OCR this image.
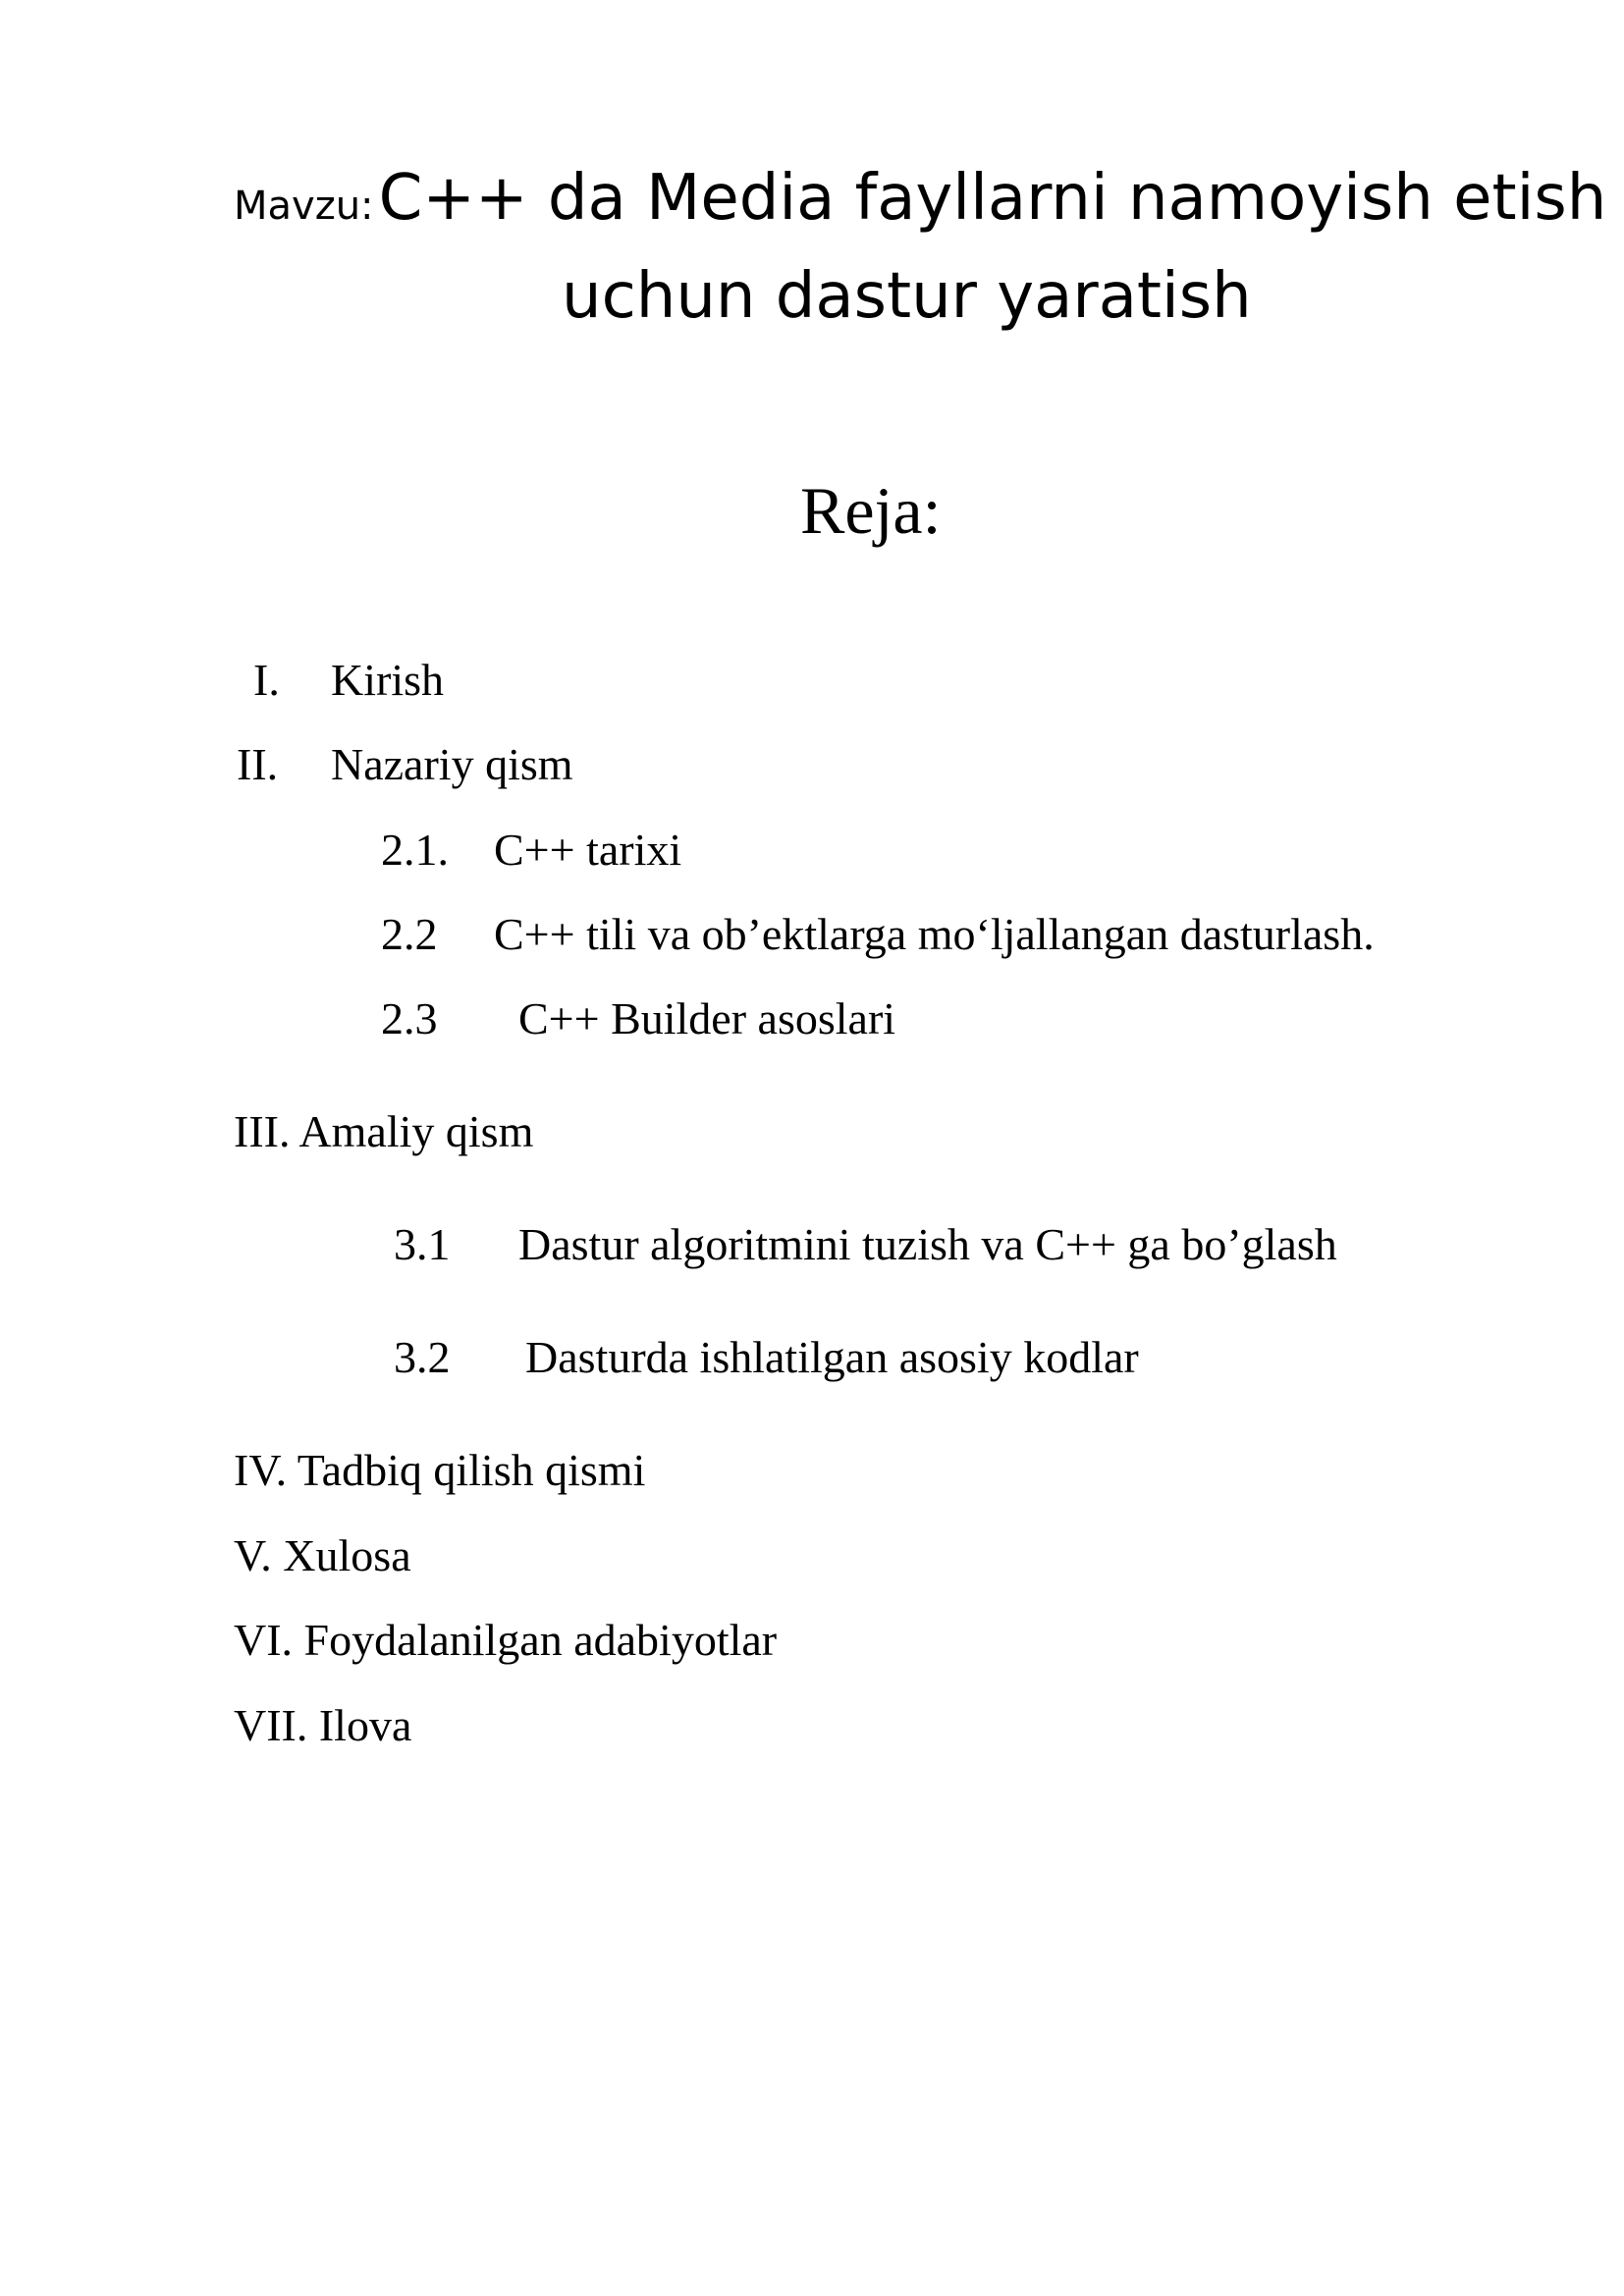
Mavzu: C++ da Media fayllarni namoyish etish
uchun dastur yaratish
Reja:
I. Kirish
II. Nazariy qism
2.1. C++ tarixi
2.2 C++ tili va ob’ektlarga mo‘ljallangan dasturlash.
2.3 C++ Builder asoslari
III. Amaliy qism
3.1 Dastur algoritmini tuzish va C++ ga bo’glash
3.2 Dasturda ishlatilgan asosiy kodlar
IV. Tadbiq qilish qismi
V. Xulosa
VI. Foydalanilgan adabiyotlar
VII. Ilova
